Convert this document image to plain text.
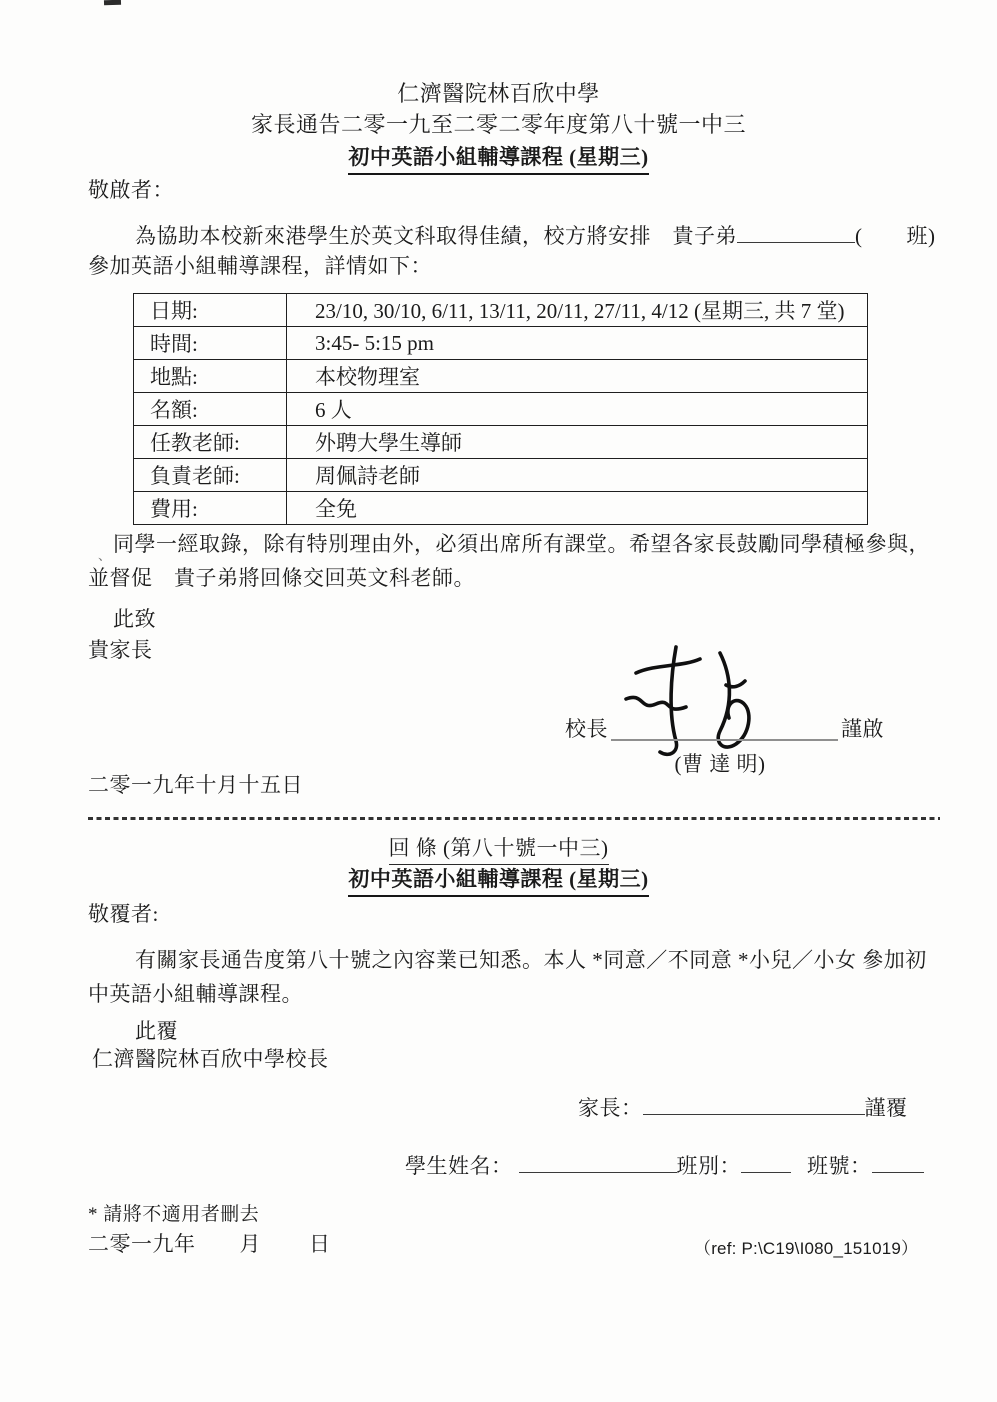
仁濟醫院林百欣中學
家長通告二零一九至二零二零年度第八十號一中三
初中英語小組輔導課程 (星期三)
敬啟者：
為協助本校新來港學生於英文科取得佳績，校方將安排　貴子弟	( 班)
參加英語小組輔導課程，詳情如下：
日期:	23/10, 30/10, 6/11, 13/11, 20/11, 27/11, 4/12 (星期三, 共 7 堂)
時間:	3:45- 5:15 pm
地點:	本校物理室
名額:	6 人
任教老師:	外聘大學生導師
負責老師:	周佩詩老師
費用:	全免
、 同學一經取錄，除有特別理由外，必須出席所有課堂。希望各家長鼓勵同學積極參與，
並督促　貴子弟將回條交回英文科老師。
此致
貴家長
校長	謹啟
(曹 達 明)
二零一九年十月十五日
回 條 (第八十號一中三)
初中英語小組輔導課程 (星期三)
敬覆者:
有關家長通告度第八十號之內容業已知悉。本人 *同意／不同意 *小兒／小女 參加初
中英語小組輔導課程。
此覆
仁濟醫院林百欣中學校長
家長：	謹覆
學生姓名：	班別：	班號：
* 請將不適用者刪去
二零一九年 月 日	（ref: P:\C19\I080_151019）
